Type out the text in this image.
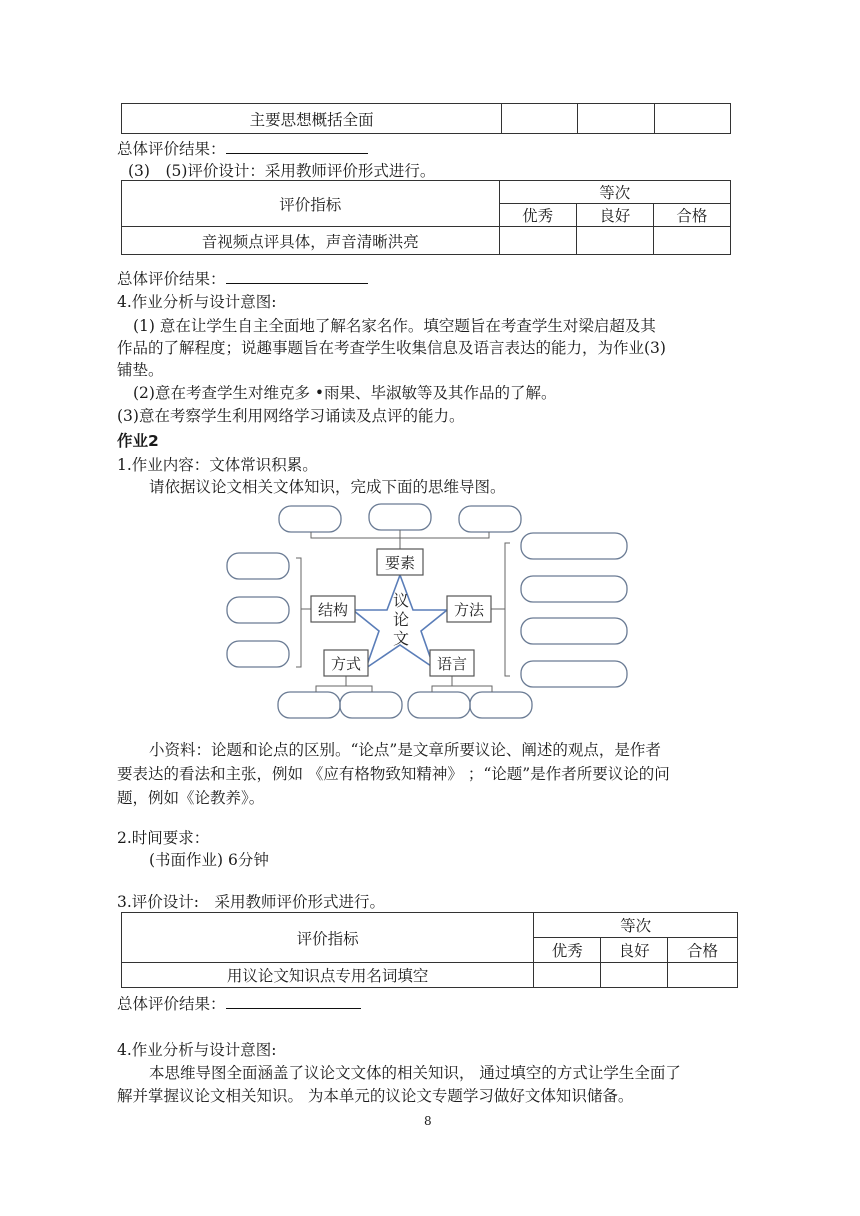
主要思想概括全面			
总体评价结果：
(3)　(5)评价设计：采用教师评价形式进行。
评价指标	等次		
	优秀	良好	合格
音视频点评具体，声音清晰洪亮			
总体评价结果：
4.作业分析与设计意图:
(1) 意在让学生自主全面地了解名家名作。填空题旨在考查学生对梁启超及其
作品的了解程度；说趣事题旨在考查学生收集信息及语言表达的能力，为作业(3)
铺垫。
(2)意在考查学生对维克多 •雨果、毕淑敏等及其作品的了解。
(3)意在考察学生利用网络学习诵读及点评的能力。
作业2
1.作业内容：文体常识积累。
请依据议论文相关文体知识，完成下面的思维导图。
要素
结构	方法
方式	语言
议
论
文
小资料：论题和论点的区别。“论点”是文章所要议论、阐述的观点，是作者
要表达的看法和主张，例如 《应有格物致知精神》 ；“论题”是作者所要议论的问
题，例如《论教养》。
2.时间要求：
(书面作业) 6分钟
3.评价设计:　采用教师评价形式进行。
评价指标	等次		
	优秀	良好	合格
用议论文知识点专用名词填空			
总体评价结果：
4.作业分析与设计意图:
本思维导图全面涵盖了议论文文体的相关知识， 通过填空的方式让学生全面了
解并掌握议论文相关知识。 为本单元的议论文专题学习做好文体知识储备。
8
